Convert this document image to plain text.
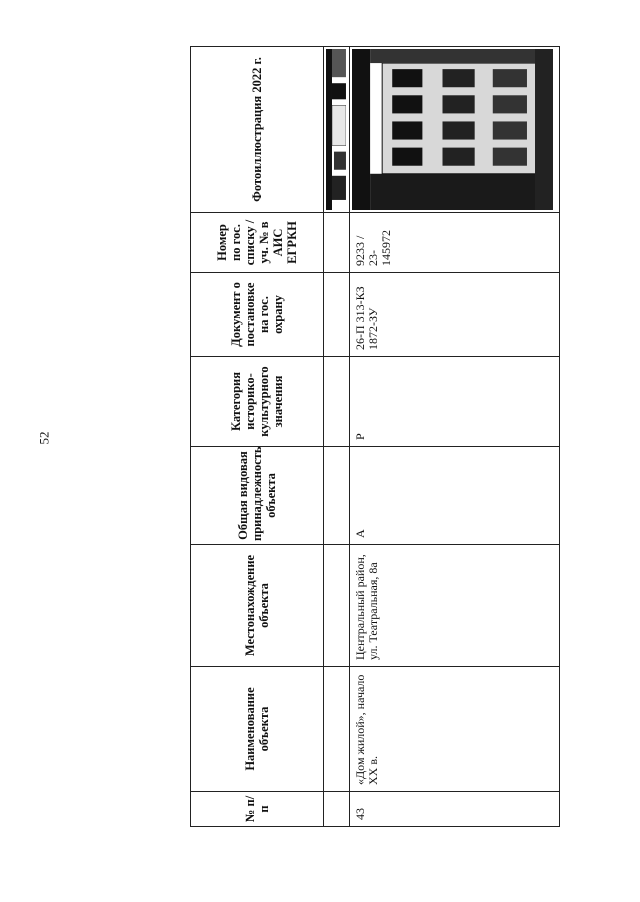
52
№ п/п	Наименование объекта	Местонахождение объекта	Общая видовая принадлежность объекта	Категория историко-культурного значения	Документ о постановке на гос. охрану	Номер по гос. списку /уч. № в АИС ЕГРКН	Фотоиллюстрация 2022 г.

43	«Дом жилой», начало XX в.	Центральный район, ул. Театральная, 8а	А	Р	26-П 313-КЗ 1872-ЗУ	9233 / 23-145972	
